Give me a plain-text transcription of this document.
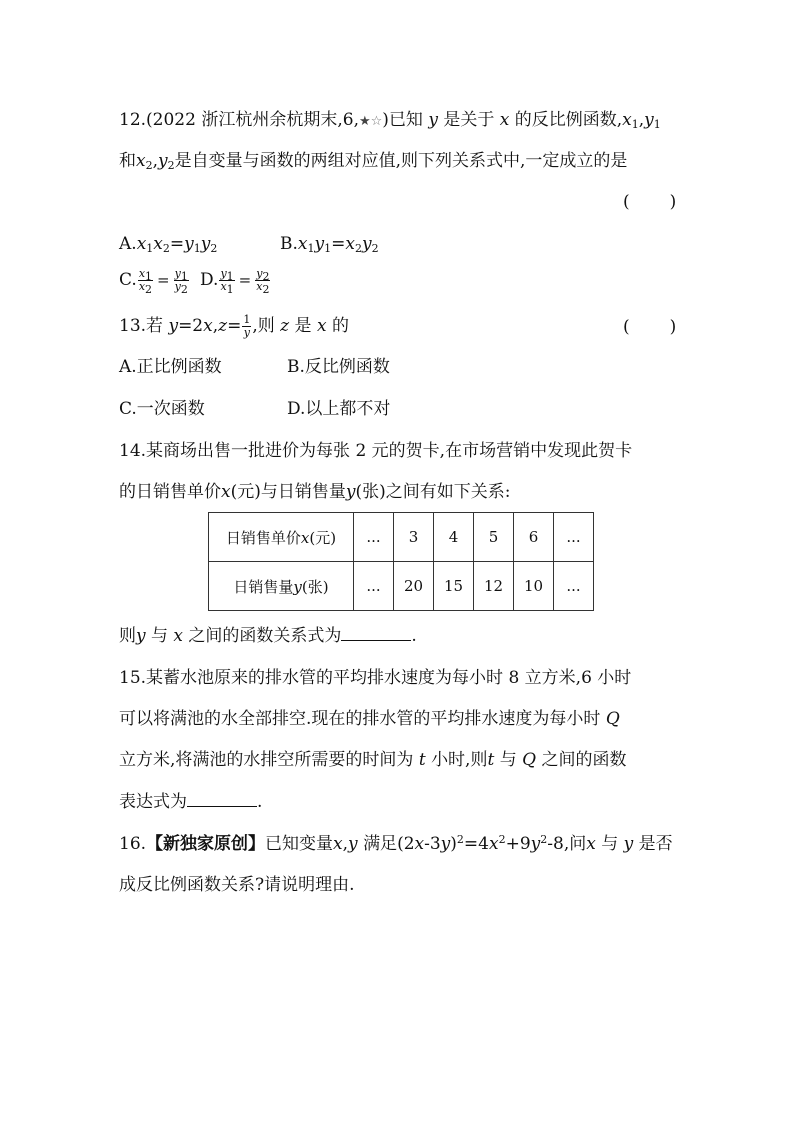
12.(2022 浙江杭州余杭期末,6,★☆)已知 y 是关于 x 的反比例函数$,x_1,y_1$
和$x_2,y_2$是自变量与函数的两组对应值,则下列关系式中,一定成立的是
(　　)
$A.x_1x_2=y_1y_2$	$B.x_1y_1=x_2y_2$
C. $\frac{x_1}{x_2} = \frac{y_1}{y_2} D$. $\frac{y_1}{x_1} = \frac{y_2}{x_2}$
13.若 $y=2x,z= \frac{1}{y}$ ,则 z 是 x 的	(　　)
A.正比例函数	B.反比例函数
C.一次函数	D.以上都不对
14.某商场出售一批进价为每张 2 元的贺卡,在市场营销中发现此贺卡
的日销售单价x(元)与日销售量y(张)之间有如下关系:
日销售单价x(元)	...	3	4	5	6	...
日销售量y(张)	...	20	15	12	10	...
则y 与 x 之间的函数关系式为	.
15.某蓄水池原来的排水管的平均排水速度为每小时 8 立方米,6 小时
可以将满池的水全部排空.现在的排水管的平均排水速度为每小时 Q
立方米,将满池的水排空所需要的时间为 t 小时,则t 与 Q 之间的函数
表达式为	.
16.【新独家原创】已知变量x,y 满足$(2x-3y)^2=4x^2+9y^2-8$,问x 与 y 是否
成反比例函数关系?请说明理由.
